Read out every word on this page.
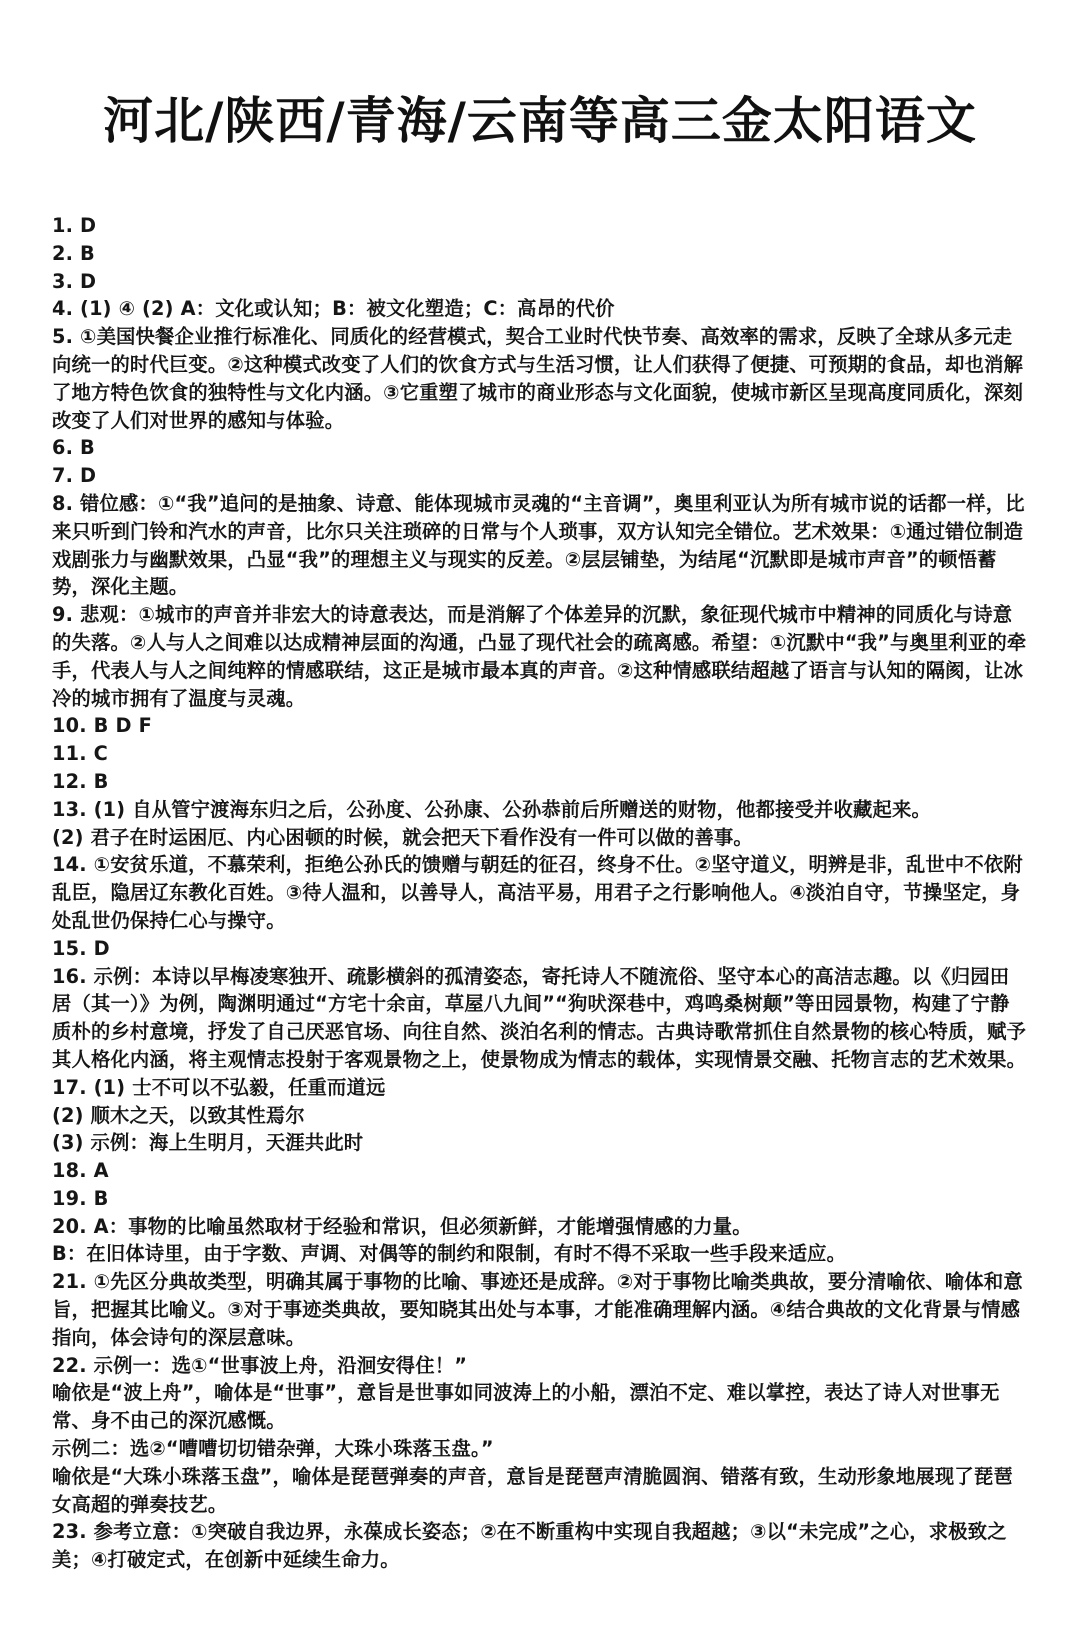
河北/陕西/青海/云南等高三金太阳语文
1. D
2. B
3. D
4. (1) ④ (2) A：文化或认知；B：被文化塑造；C：高昂的代价
5. ①美国快餐企业推行标准化、同质化的经营模式，契合工业时代快节奏、高效率的需求，反映了全球从多元走向统一的时代巨变。②这种模式改变了人们的饮食方式与生活习惯，让人们获得了便捷、可预期的食品，却也消解了地方特色饮食的独特性与文化内涵。③它重塑了城市的商业形态与文化面貌，使城市新区呈现高度同质化，深刻改变了人们对世界的感知与体验。
6. B
7. D
8. 错位感：①“我”追问的是抽象、诗意、能体现城市灵魂的“主音调”，奥里利亚认为所有城市说的话都一样，比来只听到门铃和汽水的声音，比尔只关注琐碎的日常与个人琐事，双方认知完全错位。艺术效果：①通过错位制造戏剧张力与幽默效果，凸显“我”的理想主义与现实的反差。②层层铺垫，为结尾“沉默即是城市声音”的顿悟蓄势，深化主题。
9. 悲观：①城市的声音并非宏大的诗意表达，而是消解了个体差异的沉默，象征现代城市中精神的同质化与诗意的失落。②人与人之间难以达成精神层面的沟通，凸显了现代社会的疏离感。希望：①沉默中“我”与奥里利亚的牵手，代表人与人之间纯粹的情感联结，这正是城市最本真的声音。②这种情感联结超越了语言与认知的隔阂，让冰冷的城市拥有了温度与灵魂。
10. B D F
11. C
12. B
13. (1) 自从管宁渡海东归之后，公孙度、公孙康、公孙恭前后所赠送的财物，他都接受并收藏起来。
(2) 君子在时运困厄、内心困顿的时候，就会把天下看作没有一件可以做的善事。
14. ①安贫乐道，不慕荣利，拒绝公孙氏的馈赠与朝廷的征召，终身不仕。②坚守道义，明辨是非，乱世中不依附乱臣，隐居辽东教化百姓。③待人温和，以善导人，高洁平易，用君子之行影响他人。④淡泊自守，节操坚定，身处乱世仍保持仁心与操守。
15. D
16. 示例：本诗以早梅凌寒独开、疏影横斜的孤清姿态，寄托诗人不随流俗、坚守本心的高洁志趣。以《归园田居（其一）》为例，陶渊明通过“方宅十余亩，草屋八九间”“狗吠深巷中，鸡鸣桑树颠”等田园景物，构建了宁静质朴的乡村意境，抒发了自己厌恶官场、向往自然、淡泊名利的情志。古典诗歌常抓住自然景物的核心特质，赋予其人格化内涵，将主观情志投射于客观景物之上，使景物成为情志的载体，实现情景交融、托物言志的艺术效果。
17. (1) 士不可以不弘毅，任重而道远
(2) 顺木之天，以致其性焉尔
(3) 示例：海上生明月，天涯共此时
18. A
19. B
20. A：事物的比喻虽然取材于经验和常识，但必须新鲜，才能增强情感的力量。
B：在旧体诗里，由于字数、声调、对偶等的制约和限制，有时不得不采取一些手段来适应。
21. ①先区分典故类型，明确其属于事物的比喻、事迹还是成辞。②对于事物比喻类典故，要分清喻依、喻体和意旨，把握其比喻义。③对于事迹类典故，要知晓其出处与本事，才能准确理解内涵。④结合典故的文化背景与情感指向，体会诗句的深层意味。
22. 示例一：选①“世事波上舟，沿洄安得住！”
喻依是“波上舟”，喻体是“世事”，意旨是世事如同波涛上的小船，漂泊不定、难以掌控，表达了诗人对世事无常、身不由己的深沉感慨。
示例二：选②“嘈嘈切切错杂弹，大珠小珠落玉盘。”
喻依是“大珠小珠落玉盘”，喻体是琵琶弹奏的声音，意旨是琵琶声清脆圆润、错落有致，生动形象地展现了琵琶女高超的弹奏技艺。
23. 参考立意：①突破自我边界，永葆成长姿态；②在不断重构中实现自我超越；③以“未完成”之心，求极致之美；④打破定式，在创新中延续生命力。
